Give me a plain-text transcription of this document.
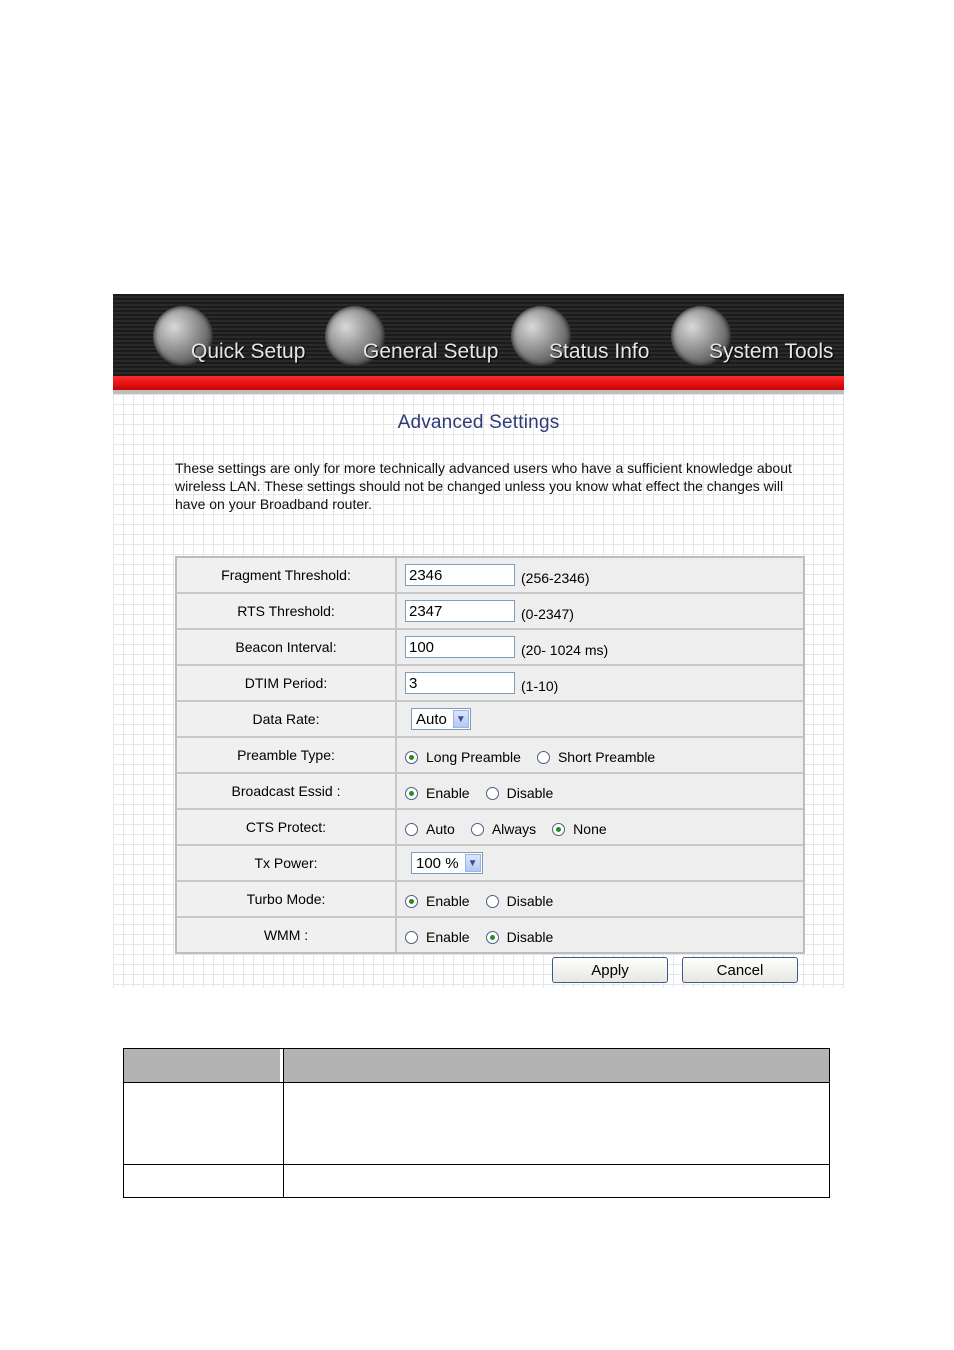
Quick Setup	General Setup Status Info	System Tools
Advanced Settings
These settings are only for more technically advanced users who have a sufficient knowledge about wireless LAN. These settings should not be changed unless you know what effect the changes will have on your Broadband router.
Fragment Threshold:
2346	(256-2346)
RTS Threshold:
2347	(0-2347)
Beacon Interval:
100	(20- 1024 ms)
DTIM Period:
3	(1-10)
Data Rate:	Auto ▼
Preamble Type:	Long Preamble	Short Preamble
Broadcast Essid :	Enable	Disable
CTS Protect:	Auto	Always	None
Tx Power:	100 % ▼
Turbo Mode:	Enable	Disable
WMM :	Enable	Disable
Apply	Cancel
